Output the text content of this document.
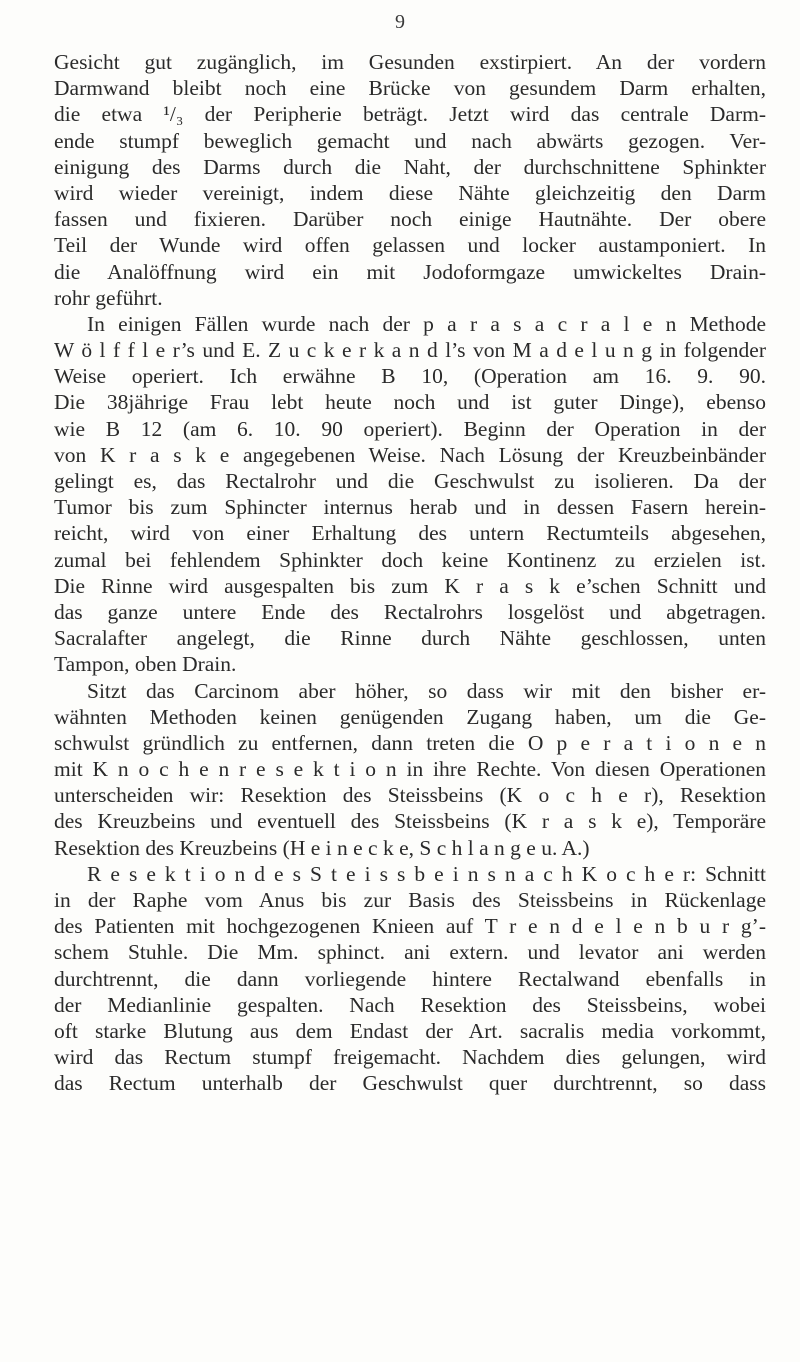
9
Gesicht gut zugänglich, im Gesunden exstirpiert. An der vordern
Darmwand bleibt noch eine Brücke von gesundem Darm erhalten,
die etwa ¹/₃ der Peripherie beträgt. Jetzt wird das centrale Darm-
ende stumpf beweglich gemacht und nach abwärts gezogen. Ver-
einigung des Darms durch die Naht, der durchschnittene Sphinkter
wird wieder vereinigt, indem diese Nähte gleichzeitig den Darm
fassen und fixieren. Darüber noch einige Hautnähte. Der obere
Teil der Wunde wird offen gelassen und locker austamponiert. In
die Analöffnung wird ein mit Jodoformgaze umwickeltes Drain-
rohr geführt.
In einigen Fällen wurde nach der p a r a s a c r a l e n Methode
W ö l f f l e r’s und E. Z u c k e r k a n d l’s von M a d e l u n g in folgender
Weise operiert. Ich erwähne B 10, (Operation am 16. 9. 90.
Die 38jährige Frau lebt heute noch und ist guter Dinge), ebenso
wie B 12 (am 6. 10. 90 operiert). Beginn der Operation in der
von K r a s k e angegebenen Weise. Nach Lösung der Kreuzbeinbänder
gelingt es, das Rectalrohr und die Geschwulst zu isolieren. Da der
Tumor bis zum Sphincter internus herab und in dessen Fasern herein-
reicht, wird von einer Erhaltung des untern Rectumteils abgesehen,
zumal bei fehlendem Sphinkter doch keine Kontinenz zu erzielen ist.
Die Rinne wird ausgespalten bis zum K r a s k e’schen Schnitt und
das ganze untere Ende des Rectalrohrs losgelöst und abgetragen.
Sacralafter angelegt, die Rinne durch Nähte geschlossen, unten
Tampon, oben Drain.
Sitzt das Carcinom aber höher, so dass wir mit den bisher er-
wähnten Methoden keinen genügenden Zugang haben, um die Ge-
schwulst gründlich zu entfernen, dann treten die O p e r a t i o n e n
mit K n o c h e n r e s e k t i o n in ihre Rechte. Von diesen Operationen
unterscheiden wir: Resektion des Steissbeins (K o c h e r), Resektion
des Kreuzbeins und eventuell des Steissbeins (K r a s k e), Temporäre
Resektion des Kreuzbeins (H e i n e c k e, S c h l a n g e u. A.)
R e s e k t i o n d e s S t e i s s b e i n s n a c h K o c h e r: Schnitt
in der Raphe vom Anus bis zur Basis des Steissbeins in Rückenlage
des Patienten mit hochgezogenen Knieen auf T r e n d e l e n b u r g’-
schem Stuhle. Die Mm. sphinct. ani extern. und levator ani werden
durchtrennt, die dann vorliegende hintere Rectalwand ebenfalls in
der Medianlinie gespalten. Nach Resektion des Steissbeins, wobei
oft starke Blutung aus dem Endast der Art. sacralis media vorkommt,
wird das Rectum stumpf freigemacht. Nachdem dies gelungen, wird
das Rectum unterhalb der Geschwulst quer durchtrennt, so dass
